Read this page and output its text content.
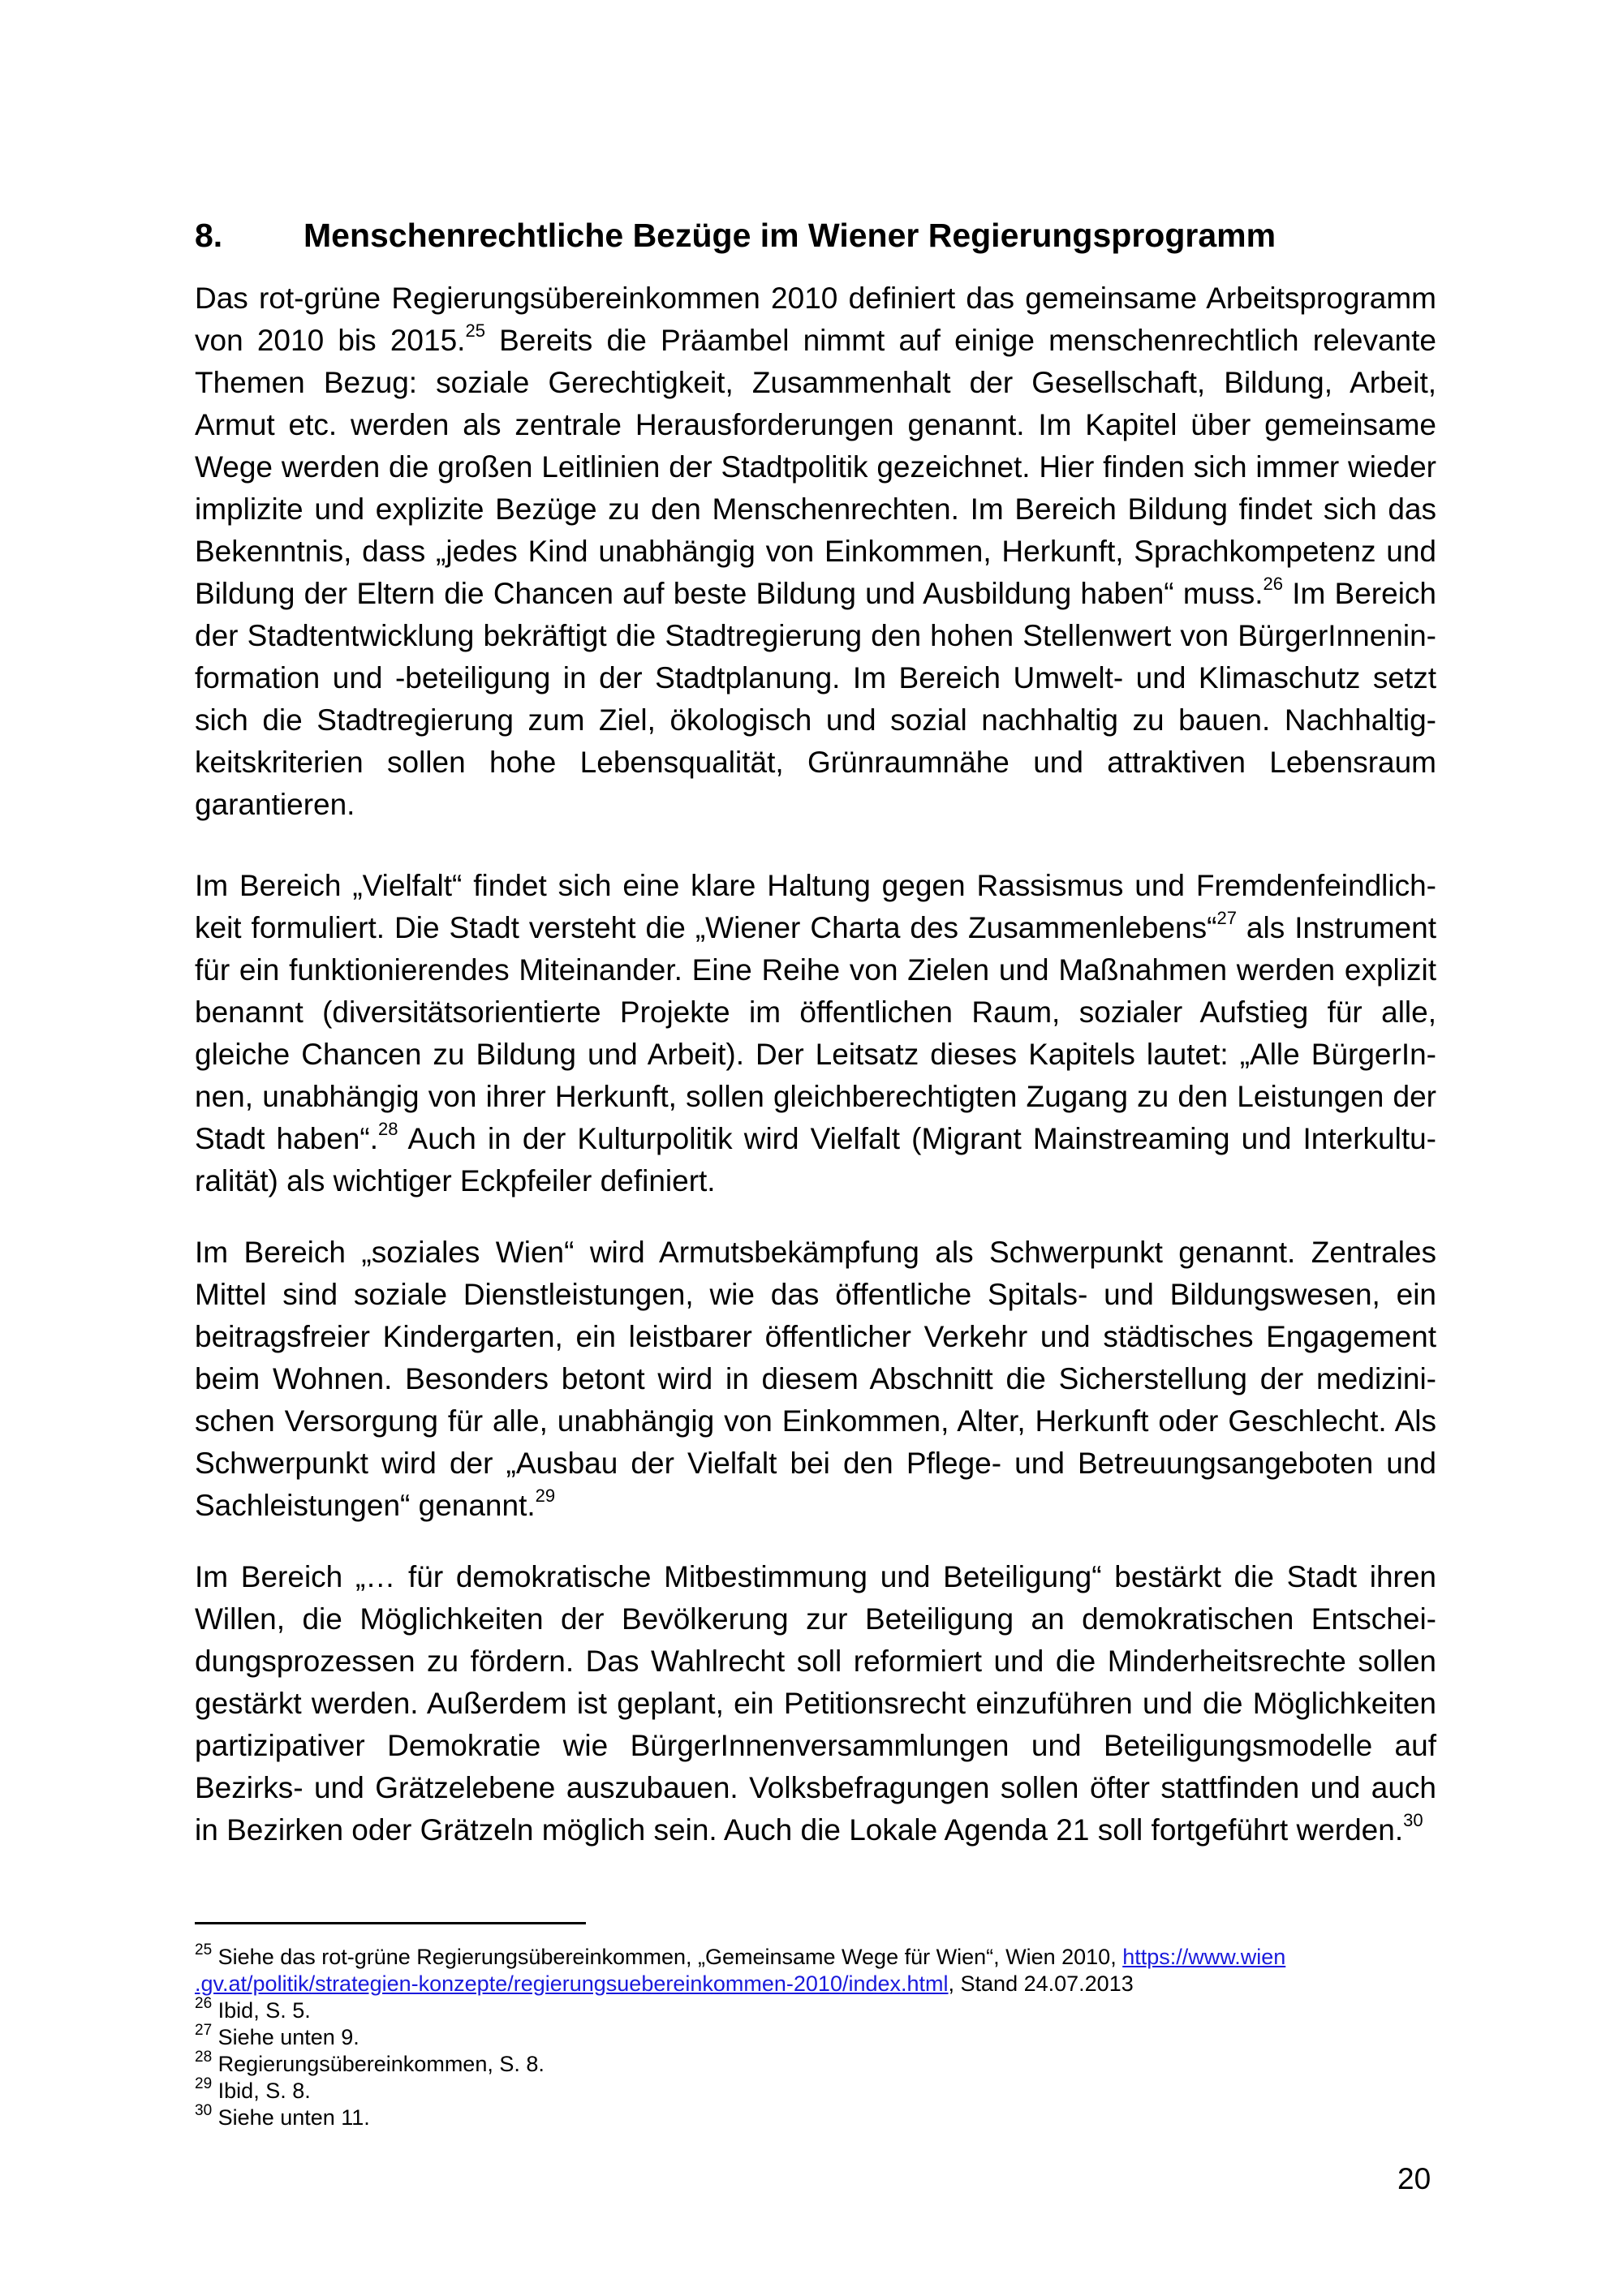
8. Menschenrechtliche Bezüge im Wiener Regierungsprogramm

Das rot-grüne Regierungsübereinkommen 2010 definiert das gemeinsame Arbeitsprogramm
von 2010 bis 2015.25 Bereits die Präambel nimmt auf einige menschenrechtlich relevante
Themen Bezug: soziale Gerechtigkeit, Zusammenhalt der Gesellschaft, Bildung, Arbeit,
Armut etc. werden als zentrale Herausforderungen genannt. Im Kapitel über gemeinsame
Wege werden die großen Leitlinien der Stadtpolitik gezeichnet. Hier finden sich immer wieder
implizite und explizite Bezüge zu den Menschenrechten. Im Bereich Bildung findet sich das
Bekenntnis, dass „jedes Kind unabhängig von Einkommen, Herkunft, Sprachkompetenz und
Bildung der Eltern die Chancen auf beste Bildung und Ausbildung haben“ muss.$^{26}$ Im Bereich
der Stadtentwicklung bekräftigt die Stadtregierung den hohen Stellenwert von BürgerInnenin-
formation und -beteiligung in der Stadtplanung. Im Bereich Umwelt- und Klimaschutz setzt
sich die Stadtregierung zum Ziel, ökologisch und sozial nachhaltig zu bauen. Nachhaltig-
keitskriterien sollen hohe Lebensqualität, Grünraumnähe und attraktiven Lebensraum
garantieren.

Im Bereich „Vielfalt“ findet sich eine klare Haltung gegen Rassismus und Fremdenfeindlich-
keit formuliert. Die Stadt versteht die „Wiener Charta des Zusammenlebens“$^{27}$ als Instrument
für ein funktionierendes Miteinander. Eine Reihe von Zielen und Maßnahmen werden explizit
benannt (diversitätsorientierte Projekte im öffentlichen Raum, sozialer Aufstieg für alle,
gleiche Chancen zu Bildung und Arbeit). Der Leitsatz dieses Kapitels lautet: „Alle BürgerIn-
nen, unabhängig von ihrer Herkunft, sollen gleichberechtigten Zugang zu den Leistungen der
Stadt haben“.$^{28}$ Auch in der Kulturpolitik wird Vielfalt (Migrant Mainstreaming und Interkultu-
ralität) als wichtiger Eckpfeiler definiert.

Im Bereich „soziales Wien“ wird Armutsbekämpfung als Schwerpunkt genannt. Zentrales
Mittel sind soziale Dienstleistungen, wie das öffentliche Spitals- und Bildungswesen, ein
beitragsfreier Kindergarten, ein leistbarer öffentlicher Verkehr und städtisches Engagement
beim Wohnen. Besonders betont wird in diesem Abschnitt die Sicherstellung der medizini-
schen Versorgung für alle, unabhängig von Einkommen, Alter, Herkunft oder Geschlecht. Als
Schwerpunkt wird der „Ausbau der Vielfalt bei den Pflege- und Betreuungsangeboten und
Sachleistungen“ genannt.$^{29}$

Im Bereich „… für demokratische Mitbestimmung und Beteiligung“ bestärkt die Stadt ihren
Willen, die Möglichkeiten der Bevölkerung zur Beteiligung an demokratischen Entschei-
dungsprozessen zu fördern. Das Wahlrecht soll reformiert und die Minderheitsrechte sollen
gestärkt werden. Außerdem ist geplant, ein Petitionsrecht einzuführen und die Möglichkeiten
partizipativer Demokratie wie BürgerInnenversammlungen und Beteiligungsmodelle auf
Bezirks- und Grätzelebene auszubauen. Volksbefragungen sollen öfter stattfinden und auch
in Bezirken oder Grätzeln möglich sein. Auch die Lokale Agenda 21 soll fortgeführt werden.$^{30}$

$^{25}$ Siehe das rot-grüne Regierungsübereinkommen, „Gemeinsame Wege für Wien“, Wien 2010, https://www.wien
.gv.at/politik/strategien-konzepte/regierungsuebereinkommen-2010/index.html, Stand 24.07.2013
$^{26}$ Ibid, S. 5.
$^{27}$ Siehe unten 9.
$^{28}$ Regierungsübereinkommen, S. 8.
$^{29}$ Ibid, S. 8.
$^{30}$ Siehe unten 11.
20
